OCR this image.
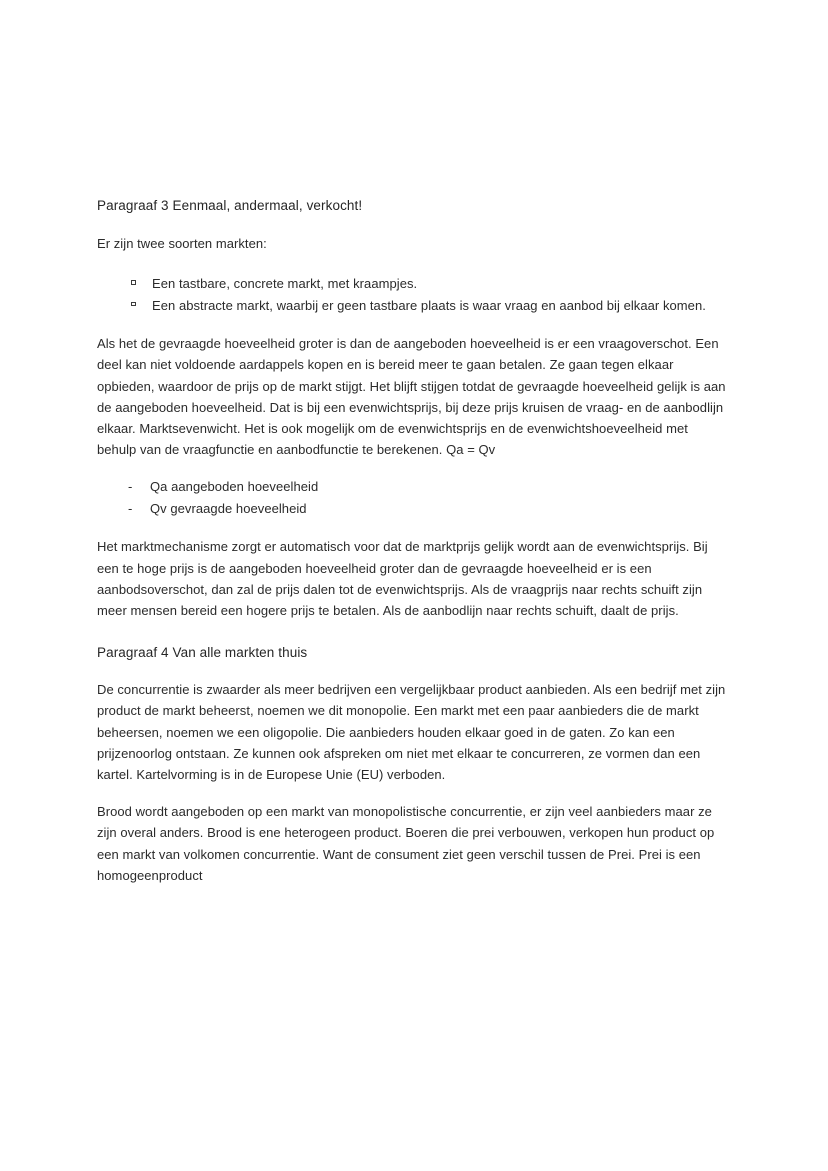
Paragraaf 3 Eenmaal, andermaal, verkocht!

Er zijn twee soorten markten:

Een tastbare, concrete markt, met kraampjes.
Een abstracte markt, waarbij er geen tastbare plaats is waar vraag en aanbod bij elkaar komen.

Als het de gevraagde hoeveelheid groter is dan de aangeboden hoeveelheid is er een vraagoverschot. Een deel kan niet voldoende aardappels kopen en is bereid meer te gaan betalen. Ze gaan tegen elkaar opbieden, waardoor de prijs op de markt stijgt. Het blijft stijgen totdat de gevraagde hoeveelheid gelijk is aan de aangeboden hoeveelheid. Dat is bij een evenwichtsprijs, bij deze prijs kruisen de vraag- en de aanbodlijn elkaar. Marktsevenwicht. Het is ook mogelijk om de evenwichtsprijs en de evenwichtshoeveelheid met behulp van de vraagfunctie en aanbodfunctie te berekenen. Qa = Qv

- Qa aangeboden hoeveelheid
- Qv gevraagde hoeveelheid

Het marktmechanisme zorgt er automatisch voor dat de marktprijs gelijk wordt aan de evenwichtsprijs. Bij een te hoge prijs is de aangeboden hoeveelheid groter dan de gevraagde hoeveelheid er is een aanbodsoverschot, dan zal de prijs dalen tot de evenwichtsprijs. Als de vraagprijs naar rechts schuift zijn meer mensen bereid een hogere prijs te betalen. Als de aanbodlijn naar rechts schuift, daalt de prijs.

Paragraaf 4 Van alle markten thuis

De concurrentie is zwaarder als meer bedrijven een vergelijkbaar product aanbieden. Als een bedrijf met zijn product de markt beheerst, noemen we dit monopolie. Een markt met een paar aanbieders die de markt beheersen, noemen we een oligopolie. Die aanbieders houden elkaar goed in de gaten. Zo kan een prijzenoorlog ontstaan. Ze kunnen ook afspreken om niet met elkaar te concurreren, ze vormen dan een kartel. Kartelvorming is in de Europese Unie (EU) verboden.

Brood wordt aangeboden op een markt van monopolistische concurrentie, er zijn veel aanbieders maar ze zijn overal anders. Brood is ene heterogeen product. Boeren die prei verbouwen, verkopen hun product op een markt van volkomen concurrentie. Want de consument ziet geen verschil tussen de Prei. Prei is een homogeenproduct
